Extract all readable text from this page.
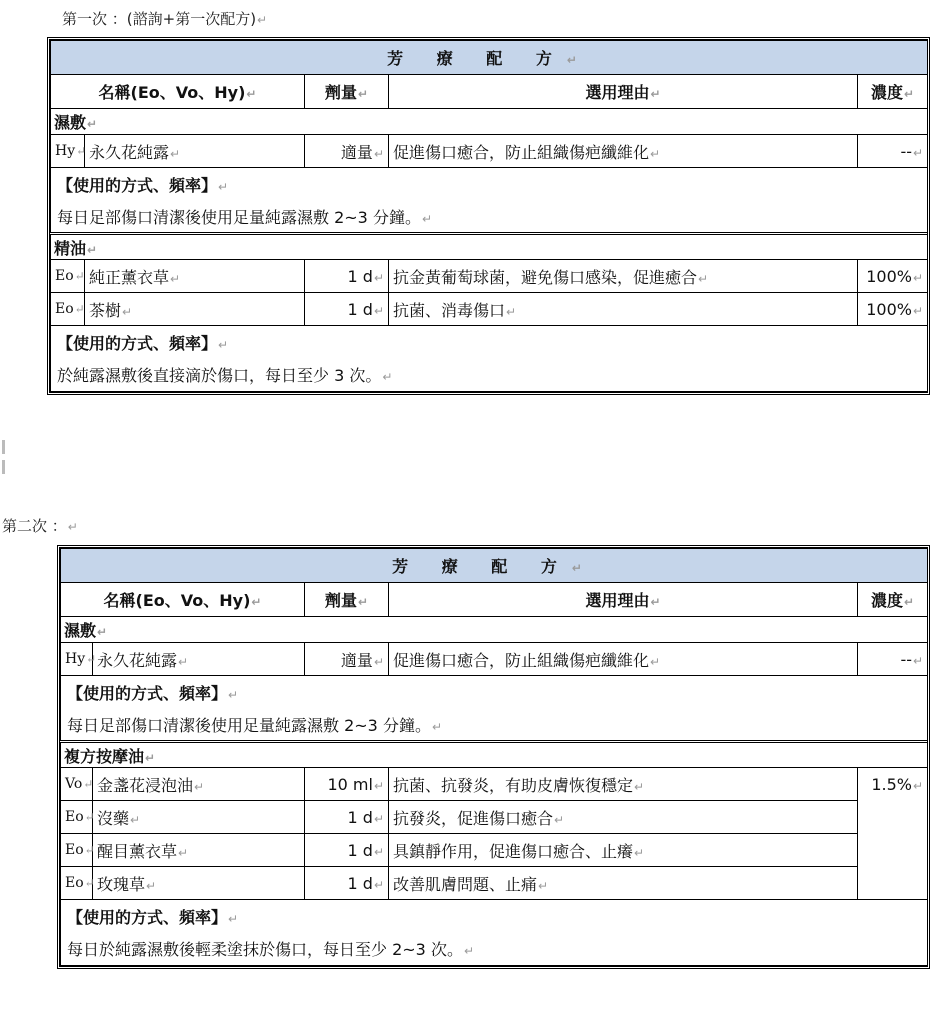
第一次 ：(諮詢+第一次配方)↵
芳 療 配 方↵				
名稱(Eo、Vo、Hy)↵		劑量↵	選用理由↵	濃度↵
濕敷↵				
Hy↵	永久花純露↵	適量↵	促進傷口癒合，防止組織傷疤纖維化↵	--↵
【使用的方式、頻率】↵				
每日足部傷口清潔後使用足量純露濕敷 2~3 分鐘。↵				
精油↵				
Eo↵	純正薰衣草↵	1 d↵	抗金黃葡萄球菌，避免傷口感染，促進癒合↵	100%↵
Eo↵	茶樹↵	1 d↵	抗菌、消毒傷口↵	100%↵
【使用的方式、頻率】↵				
於純露濕敷後直接滴於傷口，每日至少 3 次。↵				
第二次 ：↵
芳 療 配 方↵				
名稱(Eo、Vo、Hy)↵		劑量↵	選用理由↵	濃度↵
濕敷↵				
Hy↵	永久花純露↵	適量↵	促進傷口癒合，防止組織傷疤纖維化↵	--↵
【使用的方式、頻率】↵				
每日足部傷口清潔後使用足量純露濕敷 2~3 分鐘。↵				
複方按摩油↵				
Vo↵	金盞花浸泡油↵	10 ml↵	抗菌、抗發炎，有助皮膚恢復穩定↵	1.5%↵
Eo↵	沒藥↵	1 d↵	抗發炎，促進傷口癒合↵	
Eo↵	醒目薰衣草↵	1 d↵	具鎮靜作用，促進傷口癒合、止癢↵	
Eo↵	玫瑰草↵	1 d↵	改善肌膚問題、止痛↵	
【使用的方式、頻率】↵				
每日於純露濕敷後輕柔塗抹於傷口，每日至少 2~3 次。↵				
